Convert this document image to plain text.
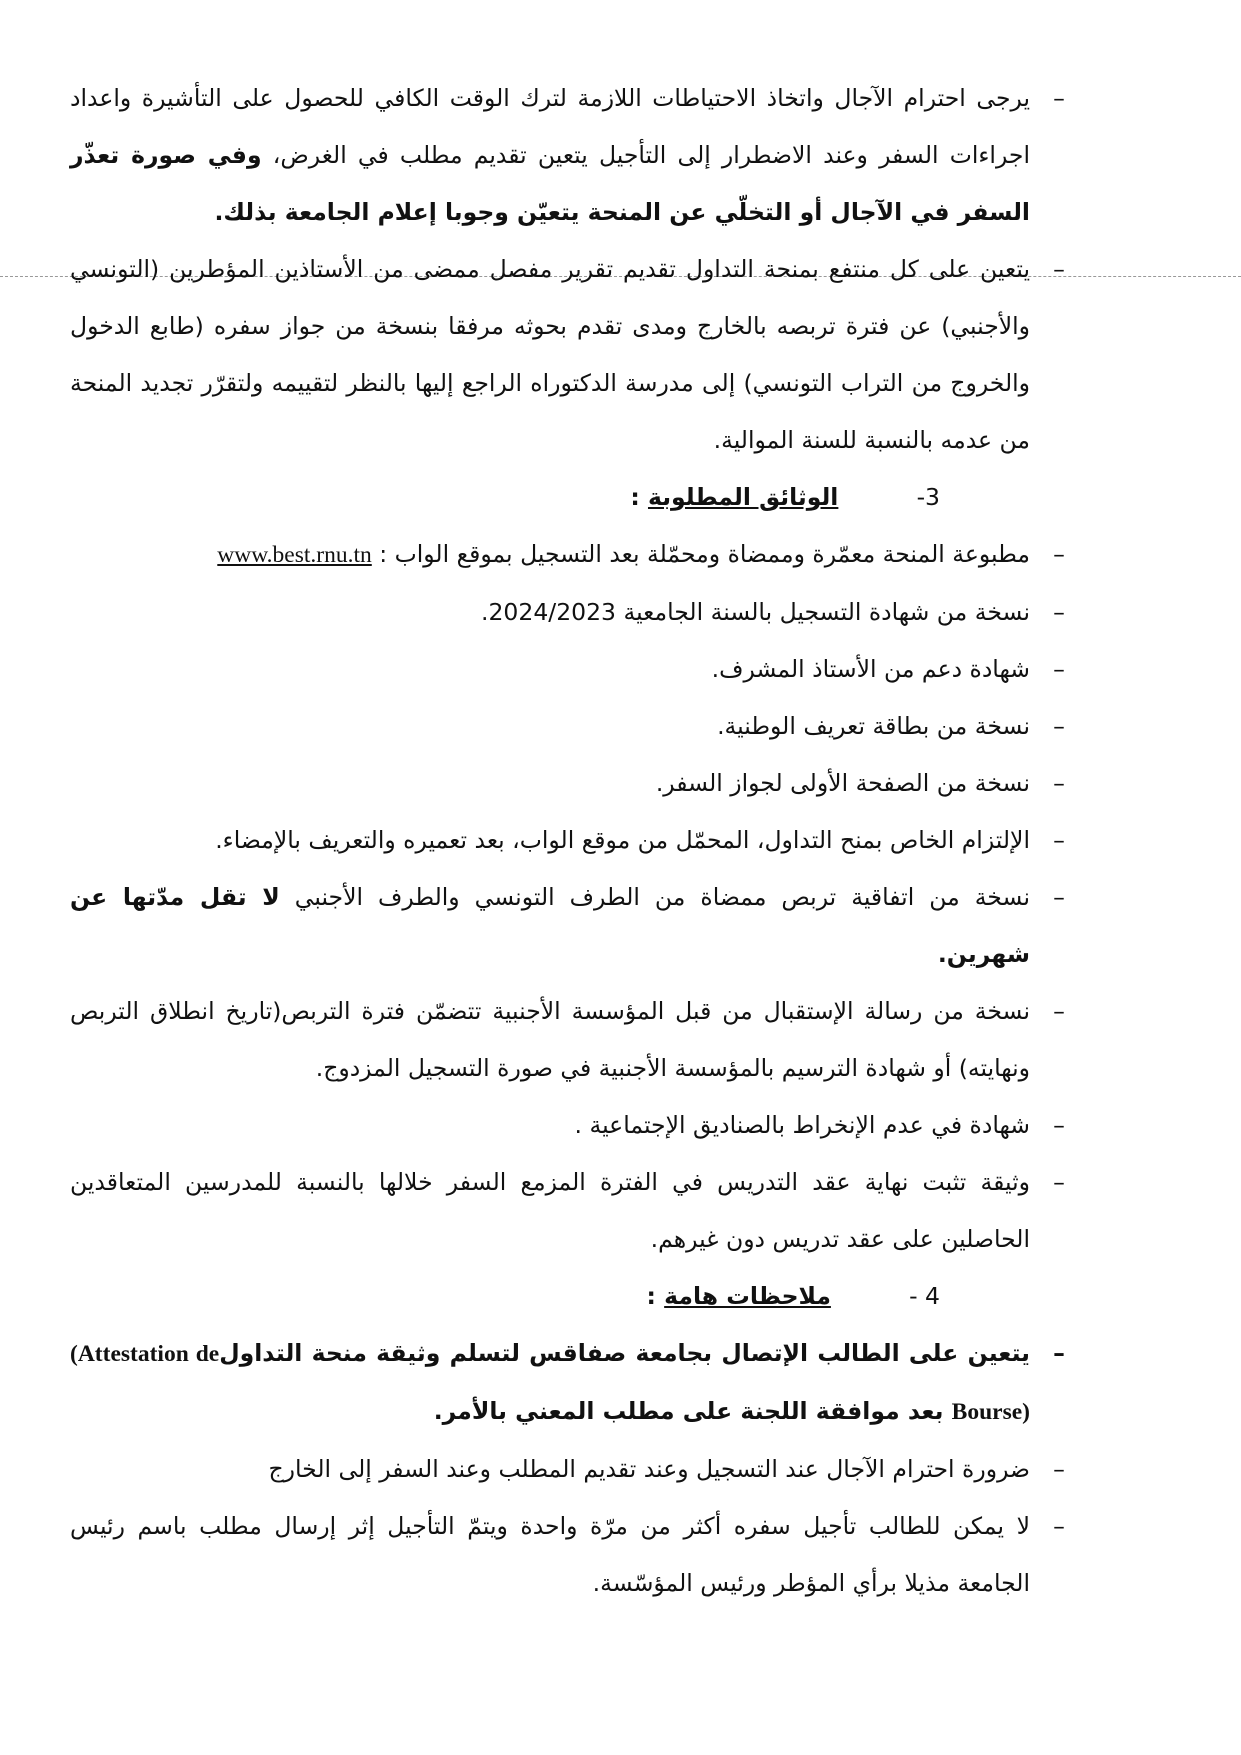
–
يرجى احترام الآجال واتخاذ الاحتياطات اللازمة لترك الوقت الكافي للحصول على التأشيرة واعداد اجراءات السفر وعند الاضطرار إلى التأجيل يتعين تقديم مطلب في الغرض، وفي صورة تعذّر السفر في الآجال أو التخلّي عن المنحة يتعيّن وجوبا إعلام الجامعة بذلك.

–
يتعين على كل منتفع بمنحة التداول تقديم تقرير مفصل ممضى من الأستاذين المؤطرين (التونسي والأجنبي) عن فترة تربصه بالخارج ومدى تقدم بحوثه مرفقا بنسخة من جواز سفره (طابع الدخول والخروج من التراب التونسي) إلى مدرسة الدكتوراه الراجع إليها بالنظر لتقييمه ولتقرّر تجديد المنحة من عدمه بالنسبة للسنة الموالية.

3- الوثائق المطلوبة :

–
مطبوعة المنحة معمّرة وممضاة ومحمّلة بعد التسجيل بموقع الواب : www.best.rnu.tn

–
نسخة من شهادة التسجيل بالسنة الجامعية 2024/2023.

–
شهادة دعم من الأستاذ المشرف.

–
نسخة من بطاقة تعريف الوطنية.

–
نسخة من الصفحة الأولى لجواز السفر.

–
الإلتزام الخاص بمنح التداول، المحمّل من موقع الواب، بعد تعميره والتعريف بالإمضاء.

–
نسخة من اتفاقية تربص ممضاة من الطرف التونسي والطرف الأجنبي لا تقل مدّتها عن شهرين.

–
نسخة من رسالة الإستقبال من قبل المؤسسة الأجنبية تتضمّن فترة التربص(تاريخ انطلاق التربص ونهايته) أو شهادة الترسيم بالمؤسسة الأجنبية في صورة التسجيل المزدوج.

–
شهادة في عدم الإنخراط بالصناديق الإجتماعية .

–
وثيقة تثبت نهاية عقد التدريس في الفترة المزمع السفر خلالها بالنسبة للمدرسين المتعاقدين الحاصلين على عقد تدريس دون غيرهم.

4 - ملاحظات هامة :

–
يتعين على الطالب الإتصال بجامعة صفاقس لتسلم وثيقة منحة التداول(Attestation de Bourse) بعد موافقة اللجنة على مطلب المعني بالأمر.

–
ضرورة احترام الآجال عند التسجيل وعند تقديم المطلب وعند السفر إلى الخارج

–
لا يمكن للطالب تأجيل سفره أكثر من مرّة واحدة ويتمّ التأجيل إثر إرسال مطلب باسم رئيس الجامعة مذيلا برأي المؤطر ورئيس المؤسّسة.
